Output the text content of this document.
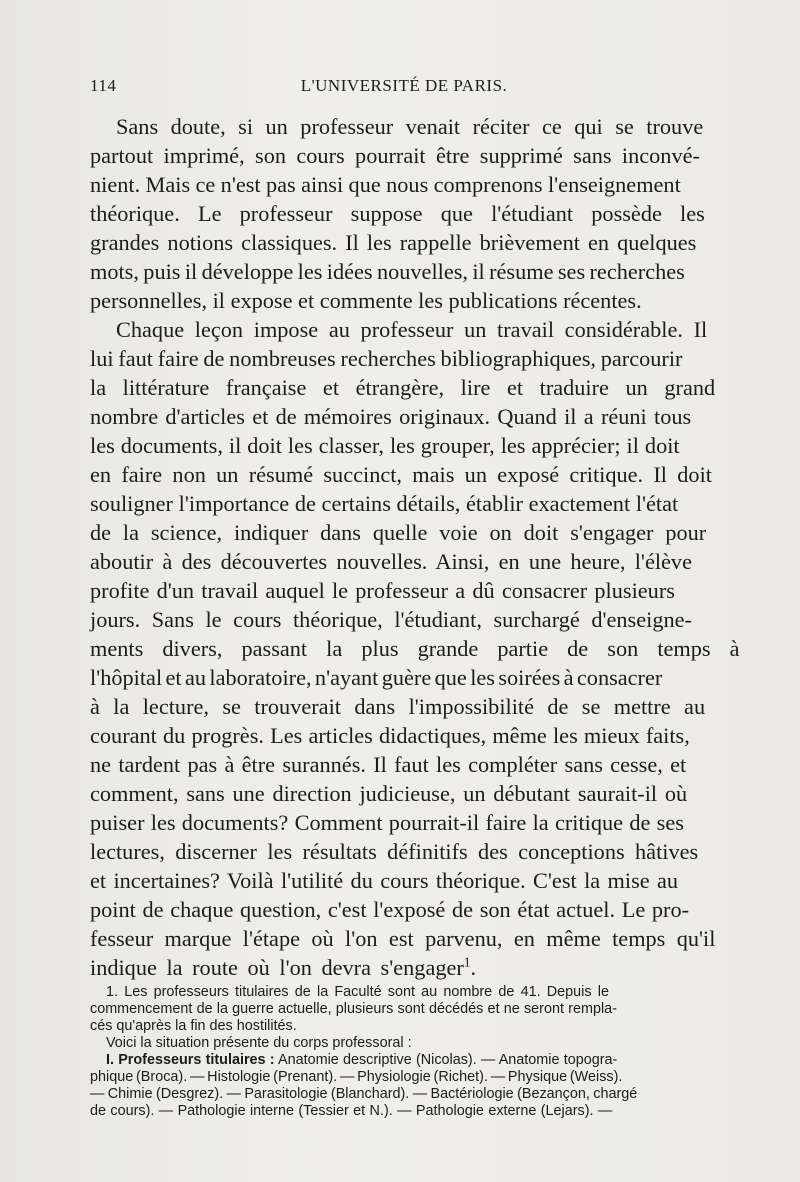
114	L'UNIVERSITÉ DE PARIS.
Sans doute, si un professeur venait réciter ce qui se trouve
partout imprimé, son cours pourrait être supprimé sans inconvé-
nient. Mais ce n'est pas ainsi que nous comprenons l'enseignement
théorique. Le professeur suppose que l'étudiant possède les
grandes notions classiques. Il les rappelle brièvement en quelques
mots, puis il développe les idées nouvelles, il résume ses recherches
personnelles, il expose et commente les publications récentes.
Chaque leçon impose au professeur un travail considérable. Il
lui faut faire de nombreuses recherches bibliographiques, parcourir
la littérature française et étrangère, lire et traduire un grand
nombre d'articles et de mémoires originaux. Quand il a réuni tous
les documents, il doit les classer, les grouper, les apprécier; il doit
en faire non un résumé succinct, mais un exposé critique. Il doit
souligner l'importance de certains détails, établir exactement l'état
de la science, indiquer dans quelle voie on doit s'engager pour
aboutir à des découvertes nouvelles. Ainsi, en une heure, l'élève
profite d'un travail auquel le professeur a dû consacrer plusieurs
jours. Sans le cours théorique, l'étudiant, surchargé d'enseigne-
ments divers, passant la plus grande partie de son temps à
l'hôpital et au laboratoire, n'ayant guère que les soirées à consacrer
à la lecture, se trouverait dans l'impossibilité de se mettre au
courant du progrès. Les articles didactiques, même les mieux faits,
ne tardent pas à être surannés. Il faut les compléter sans cesse, et
comment, sans une direction judicieuse, un débutant saurait-il où
puiser les documents? Comment pourrait-il faire la critique de ses
lectures, discerner les résultats définitifs des conceptions hâtives
et incertaines? Voilà l'utilité du cours théorique. C'est la mise au
point de chaque question, c'est l'exposé de son état actuel. Le pro-
fesseur marque l'étape où l'on est parvenu, en même temps qu'il
indique la route où l'on devra s'engager$^1$.
1. Les professeurs titulaires de la Faculté sont au nombre de 41. Depuis le
commencement de la guerre actuelle, plusieurs sont décédés et ne seront rempla-
cés qu'après la fin des hostilités.
Voici la situation présente du corps professoral :
I. Professeurs titulaires : Anatomie descriptive (Nicolas). — Anatomie topogra-
phique (Broca). — Histologie (Prenant). — Physiologie (Richet). — Physique (Weiss).
— Chimie (Desgrez). — Parasitologie (Blanchard). — Bactériologie (Bezançon, chargé
de cours). — Pathologie interne (Tessier et N.). — Pathologie externe (Lejars). —
